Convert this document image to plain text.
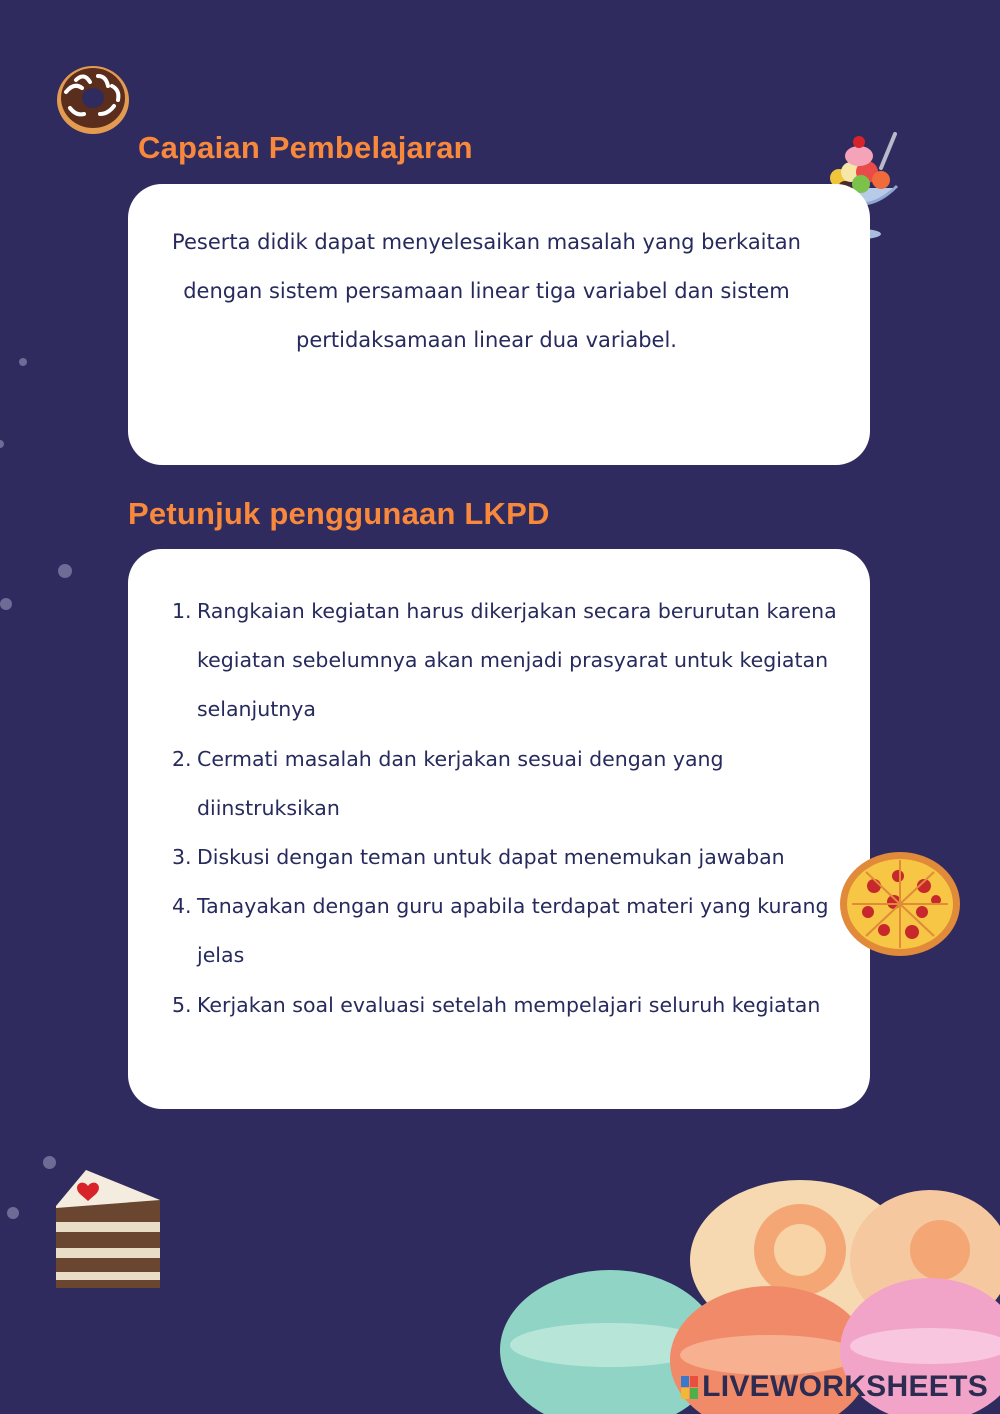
Capaian Pembelajaran

Peserta didik dapat menyelesaikan masalah yang berkaitan dengan sistem persamaan linear tiga variabel dan sistem pertidaksamaan linear dua variabel.

Petunjuk penggunaan LKPD
1. Rangkaian kegiatan harus dikerjakan secara berurutan karena kegiatan sebelumnya akan menjadi prasyarat untuk kegiatan selanjutnya
2. Cermati masalah dan kerjakan sesuai dengan yang diinstruksikan
3. Diskusi dengan teman untuk dapat menemukan jawaban
4. Tanayakan dengan guru apabila terdapat materi yang kurang jelas
5. Kerjakan soal evaluasi setelah mempelajari seluruh kegiatan
LIVEWORKSHEETS
